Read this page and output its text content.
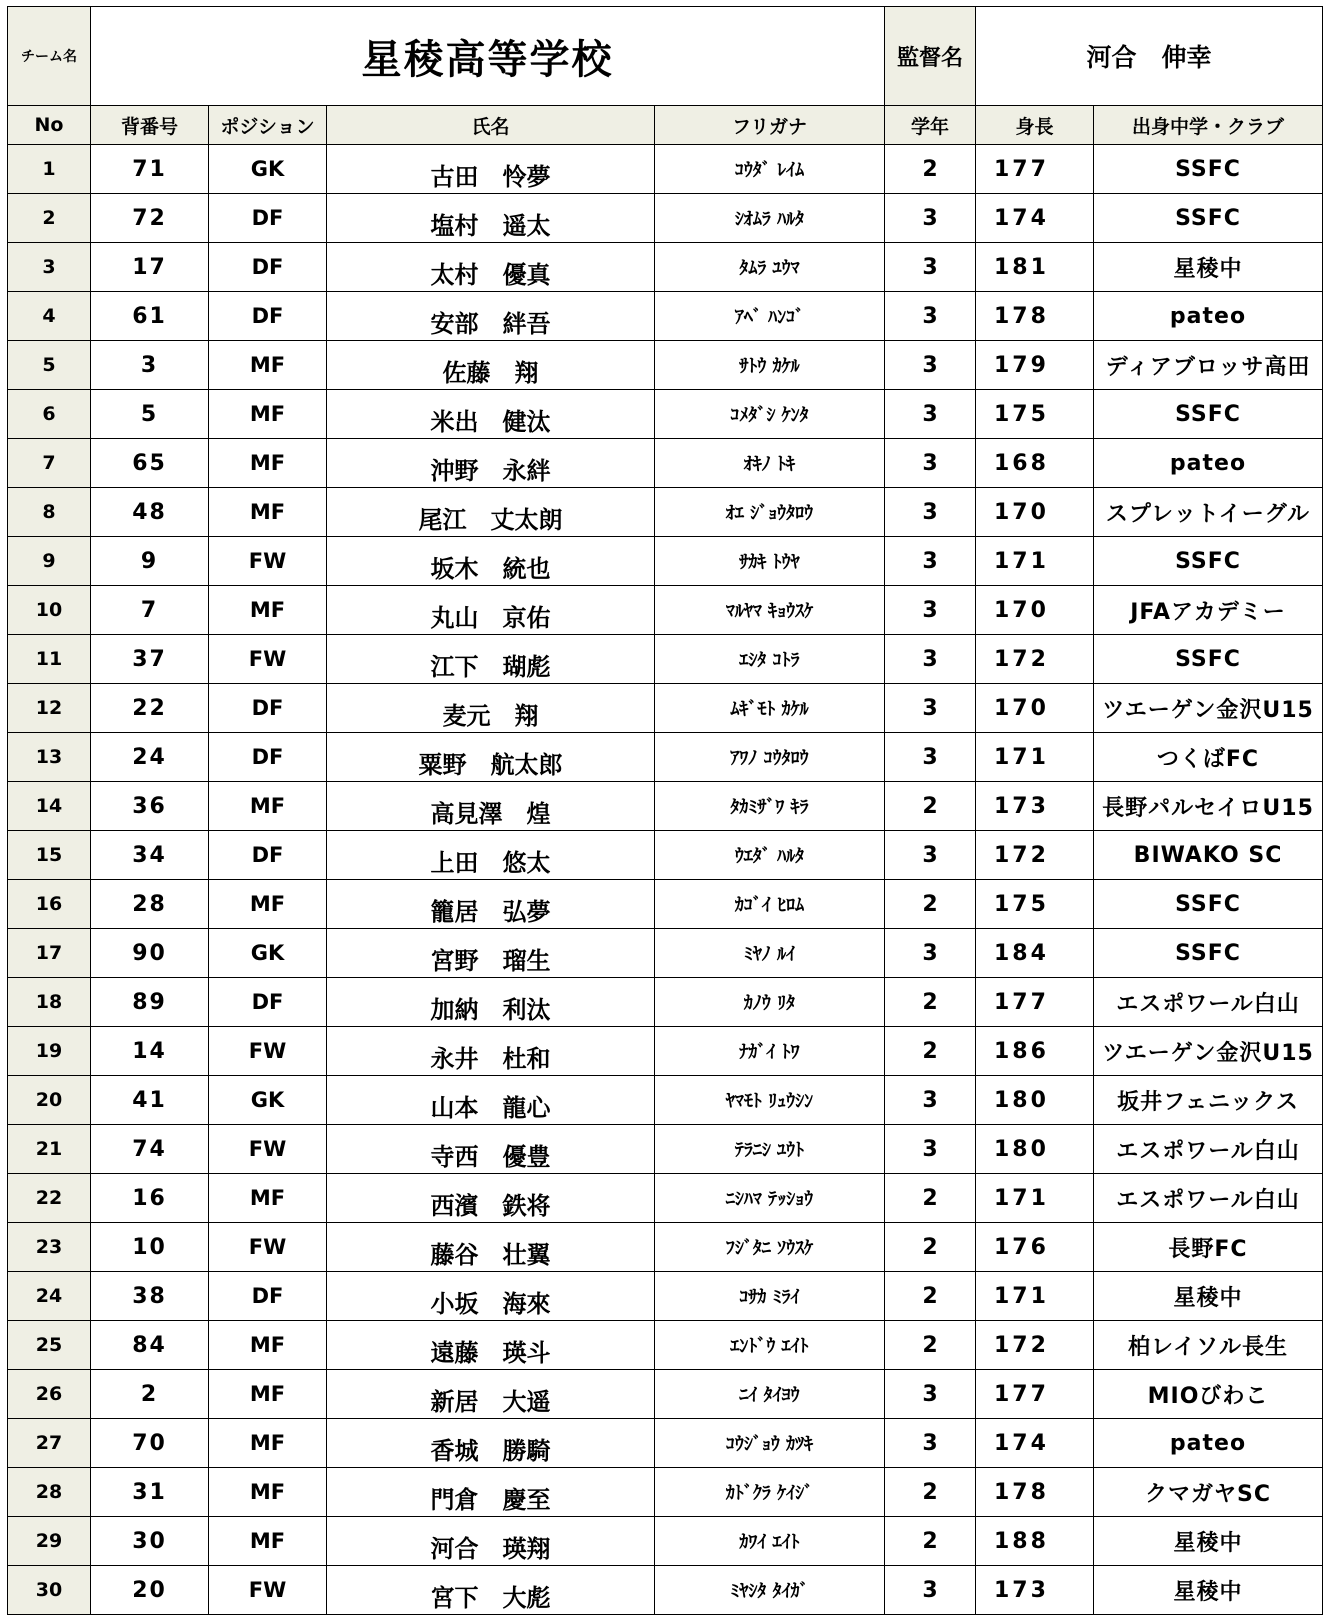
チーム名	星稜高等学校				監督名	河合　伸幸	
No	背番号	ポジション	氏名	フリガナ	学年	身長	出身中学・クラブ
1	71	GK	古田　怜夢	ｺｳﾀﾞ ﾚｲﾑ	2	177	SSFC
2	72	DF	塩村　遥太	ｼｵﾑﾗ ﾊﾙﾀ	3	174	SSFC
3	17	DF	太村　優真	ﾀﾑﾗ ﾕｳﾏ	3	181	星稜中
4	61	DF	安部　絆吾	ｱﾍﾞ ﾊﾝｺﾞ	3	178	pateo
5	3	MF	佐藤　翔	ｻﾄｳ ｶｹﾙ	3	179	ディアブロッサ高田
6	5	MF	米出　健汰	ｺﾒﾀﾞｼ ｹﾝﾀ	3	175	SSFC
7	65	MF	沖野　永絆	ｵｷﾉ ﾄｷ	3	168	pateo
8	48	MF	尾江　丈太朗	ｵｴ ｼﾞｮｳﾀﾛｳ	3	170	スプレットイーグル
9	9	FW	坂木　統也	ｻｶｷ ﾄｳﾔ	3	171	SSFC
10	7	MF	丸山　京佑	ﾏﾙﾔﾏ ｷｮｳｽｹ	3	170	JFAアカデミー
11	37	FW	江下　瑚彪	ｴｼﾀ ｺﾄﾗ	3	172	SSFC
12	22	DF	麦元　翔	ﾑｷﾞﾓﾄ ｶｹﾙ	3	170	ツエーゲン金沢U15
13	24	DF	粟野　航太郎	ｱﾜﾉ ｺｳﾀﾛｳ	3	171	つくばFC
14	36	MF	高見澤　煌	ﾀｶﾐｻﾞﾜ ｷﾗ	2	173	長野パルセイロU15
15	34	DF	上田　悠太	ｳｴﾀﾞ ﾊﾙﾀ	3	172	BIWAKO SC
16	28	MF	籠居　弘夢	ｶｺﾞｲ ﾋﾛﾑ	2	175	SSFC
17	90	GK	宮野　瑠生	ﾐﾔﾉ ﾙｲ	3	184	SSFC
18	89	DF	加納　利汰	ｶﾉｳ ﾘﾀ	2	177	エスポワール白山
19	14	FW	永井　杜和	ﾅｶﾞｲ ﾄﾜ	2	186	ツエーゲン金沢U15
20	41	GK	山本　龍心	ﾔﾏﾓﾄ ﾘｭｳｼﾝ	3	180	坂井フェニックス
21	74	FW	寺西　優豊	ﾃﾗﾆｼ ﾕｳﾄ	3	180	エスポワール白山
22	16	MF	西濱　鉄将	ﾆｼﾊﾏ ﾃｯｼｮｳ	2	171	エスポワール白山
23	10	FW	藤谷　壮翼	ﾌｼﾞﾀﾆ ｿｳｽｹ	2	176	長野FC
24	38	DF	小坂　海來	ｺｻｶ ﾐﾗｲ	2	171	星稜中
25	84	MF	遠藤　瑛斗	ｴﾝﾄﾞｳ ｴｲﾄ	2	172	柏レイソル長生
26	2	MF	新居　大遥	ﾆｲ ﾀｲﾖｳ	3	177	MIOびわこ
27	70	MF	香城　勝騎	ｺｳｼﾞｮｳ ｶﾂｷ	3	174	pateo
28	31	MF	門倉　慶至	ｶﾄﾞｸﾗ ｹｲｼﾞ	2	178	クマガヤSC
29	30	MF	河合　瑛翔	ｶﾜｲ ｴｲﾄ	2	188	星稜中
30	20	FW	宮下　大彪	ﾐﾔｼﾀ ﾀｲｶﾞ	3	173	星稜中
